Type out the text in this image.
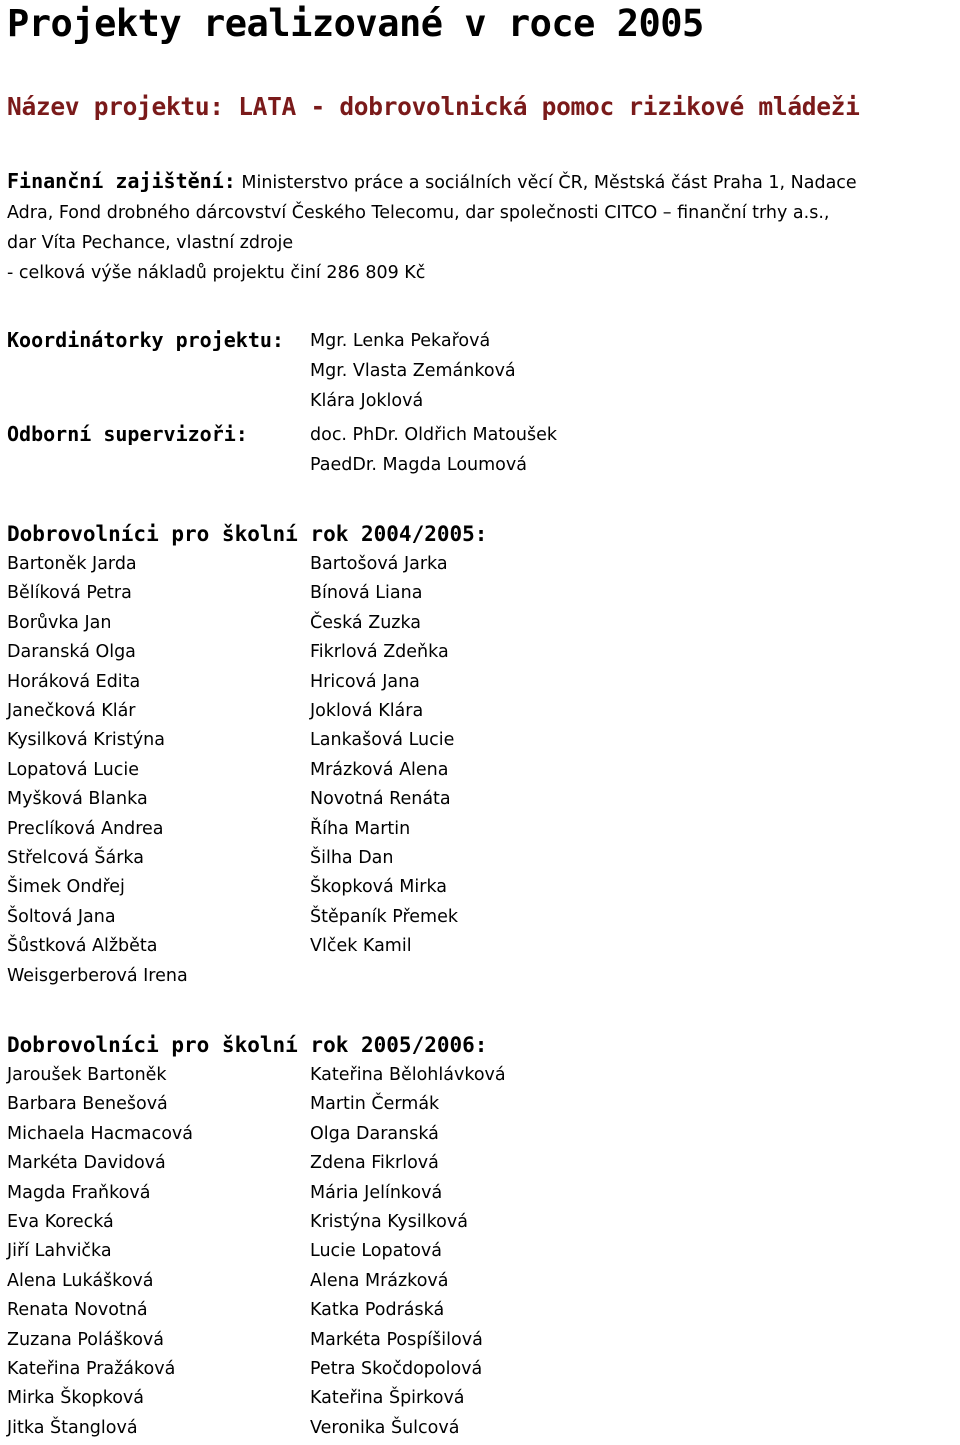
Projekty realizované v roce 2005
Název projektu: LATA - dobrovolnická pomoc rizikové mládeži
Finanční zajištění: Ministerstvo práce a sociálních věcí ČR, Městská část Praha 1, Nadace
Adra, Fond drobného dárcovství Českého Telecomu, dar společnosti CITCO – finanční trhy a.s.,
dar Víta Pechance, vlastní zdroje
- celková výše nákladů projektu činí 286 809 Kč
Koordinátorky projektu: Mgr. Lenka Pekařová
Mgr. Vlasta Zemánková
Klára Joklová
Odborní supervizoři:	doc. PhDr. Oldřich Matoušek
PaedDr. Magda Loumová
Dobrovolníci pro školní rok 2004/2005:
Bartoněk Jarda
Bělíková Petra
Borůvka Jan
Daranská Olga
Horáková Edita
Janečková Klár
Kysilková Kristýna
Lopatová Lucie
Myšková Blanka
Preclíková Andrea
Střelcová Šárka
Šimek Ondřej
Šoltová Jana
Šůstková Alžběta
Weisgerberová Irena
Bartošová Jarka
Bínová Liana
Česká Zuzka
Fikrlová Zdeňka
Hricová Jana
Joklová Klára
Lankašová Lucie
Mrázková Alena
Novotná Renáta
Říha Martin
Šilha Dan
Škopková Mirka
Štěpaník Přemek
Vlček Kamil
Dobrovolníci pro školní rok 2005/2006:
Jaroušek Bartoněk
Barbara Benešová
Michaela Hacmacová
Markéta Davidová
Magda Fraňková
Eva Korecká
Jiří Lahvička
Alena Lukášková
Renata Novotná
Zuzana Polášková
Kateřina Pražáková
Mirka Škopková
Jitka Štanglová
Kateřina Bělohlávková
Martin Čermák
Olga Daranská
Zdena Fikrlová
Mária Jelínková
Kristýna Kysilková
Lucie Lopatová
Alena Mrázková
Katka Podráská
Markéta Pospíšilová
Petra Skočdopolová
Kateřina Špirková
Veronika Šulcová
